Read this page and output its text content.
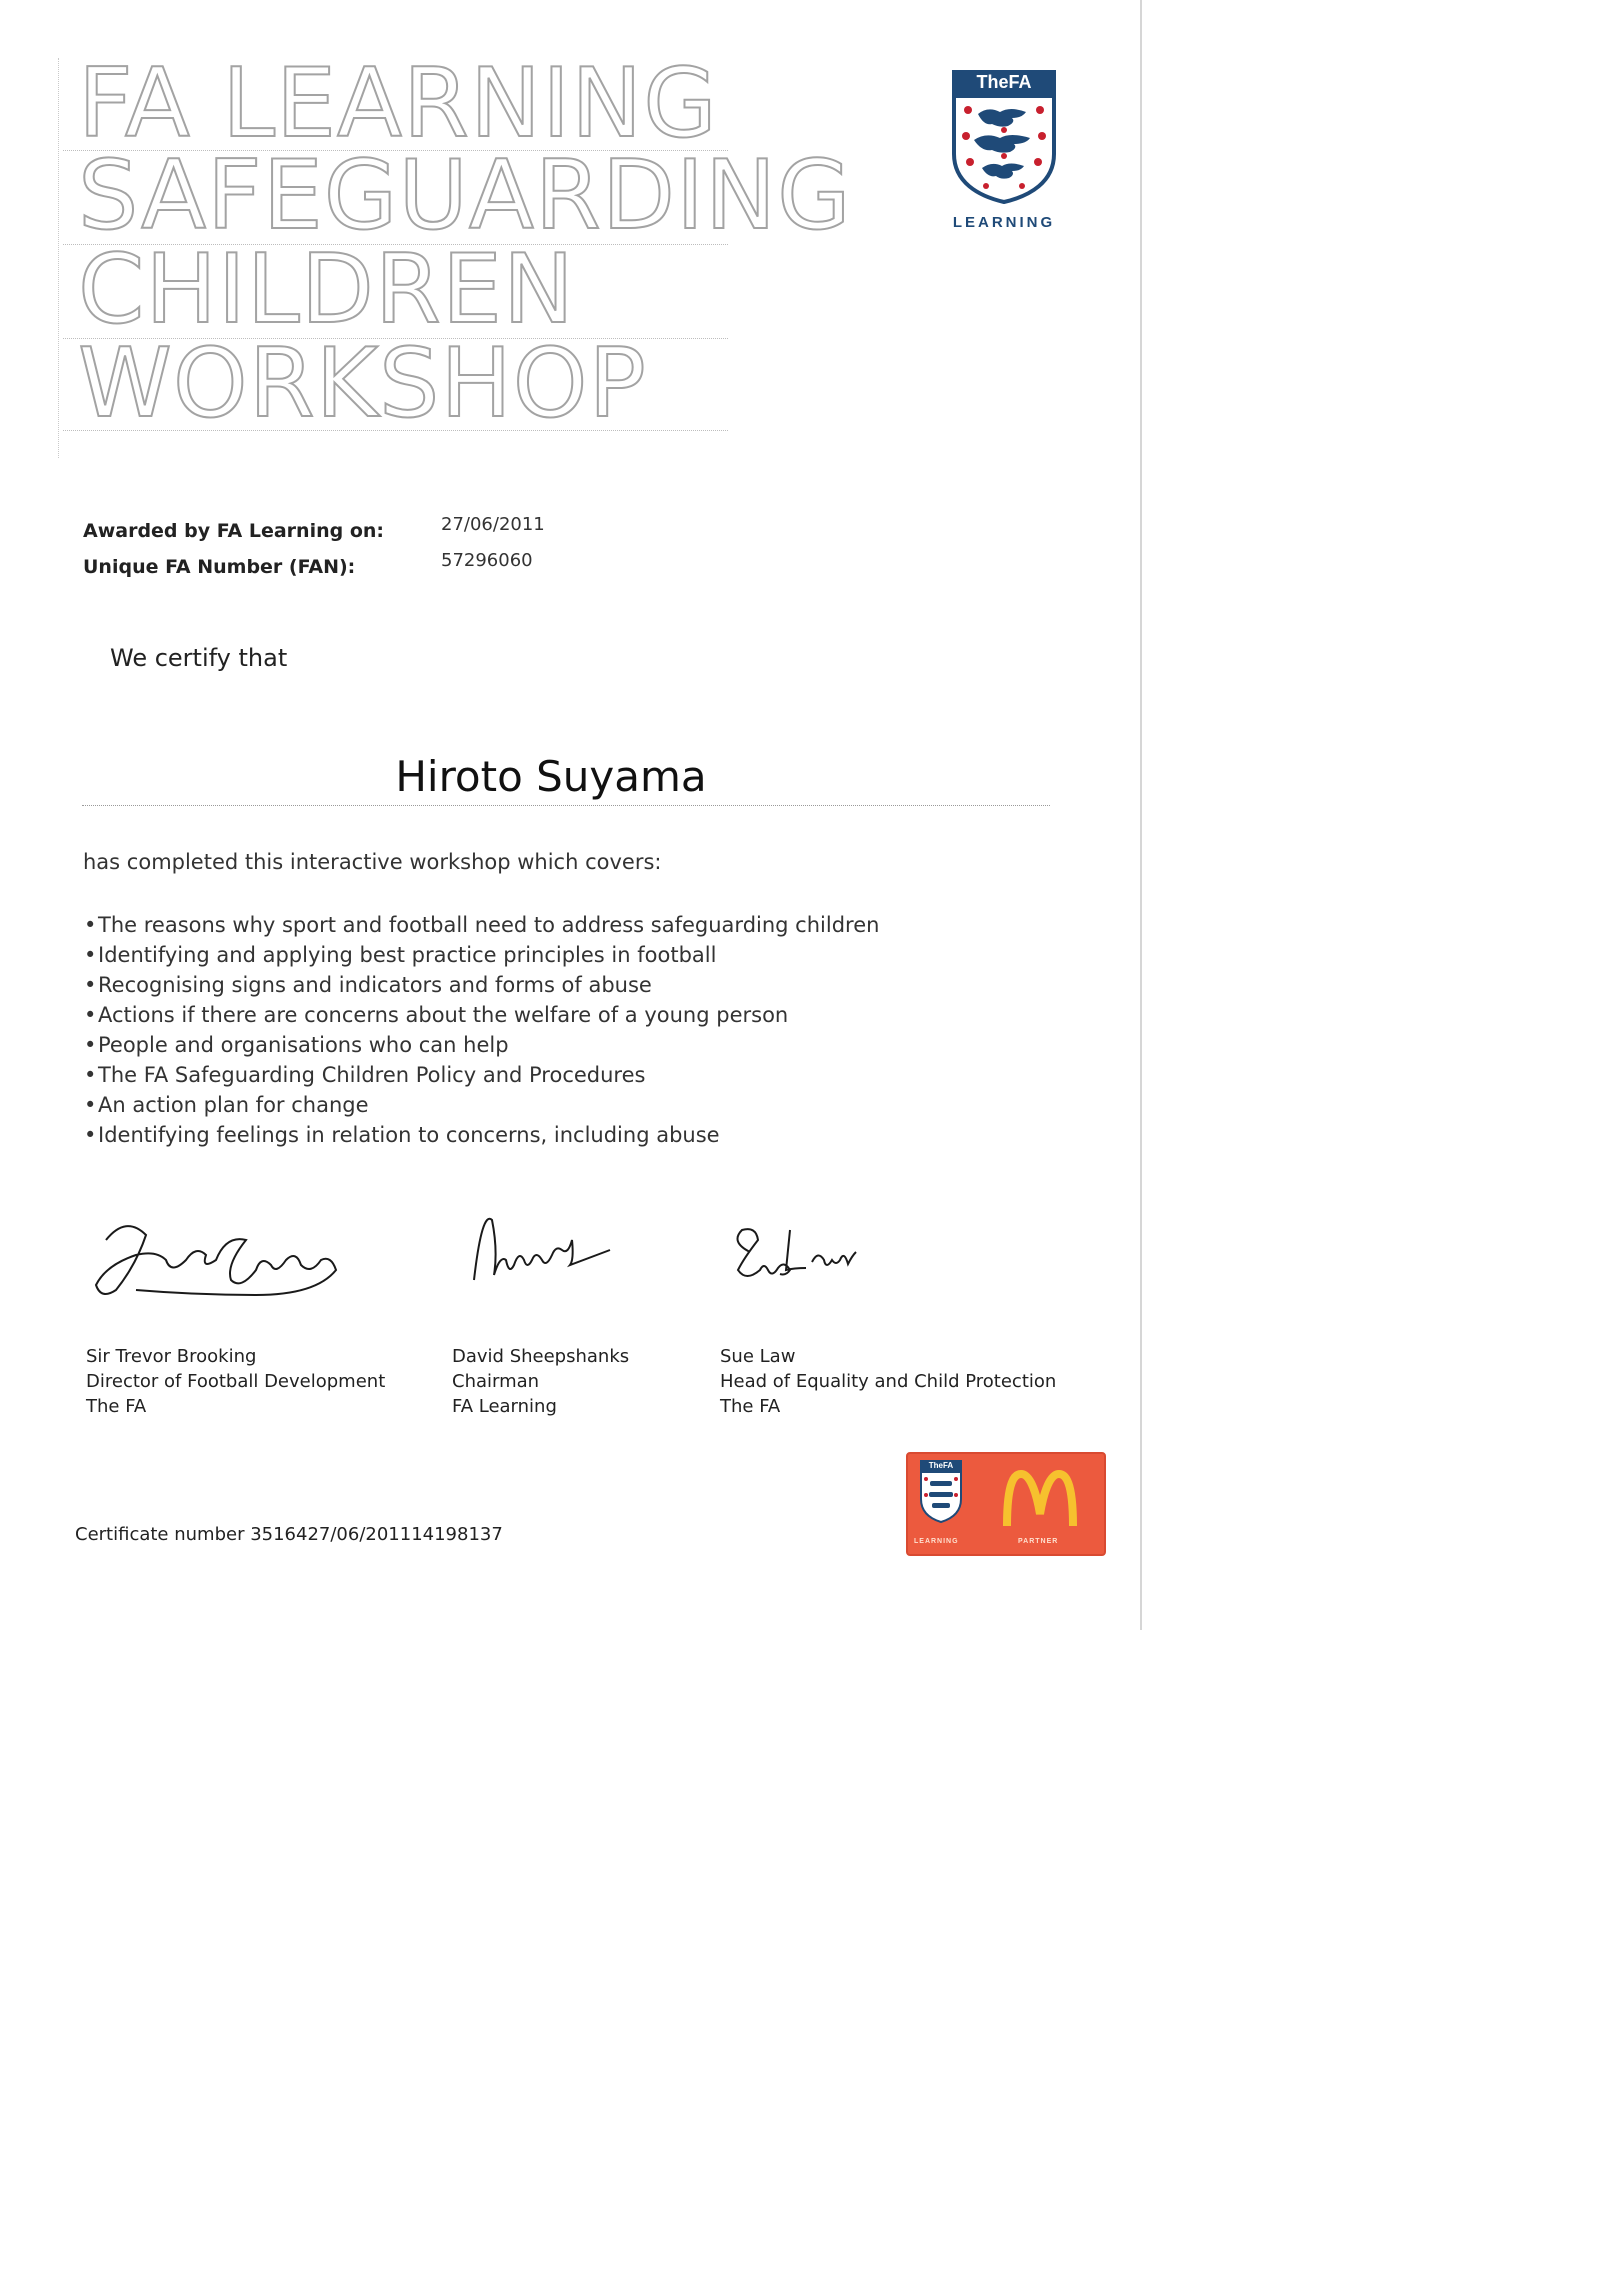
FA LEARNING
SAFEGUARDING
CHILDREN
WORKSHOP
TheFA
LEARNING
Awarded by FA Learning on:	27/06/2011
Unique FA Number (FAN):	57296060
We certify that
Hiroto Suyama
has completed this interactive workshop which covers:
•The reasons why sport and football need to address safeguarding children
•Identifying and applying best practice principles in football
•Recognising signs and indicators and forms of abuse
•Actions if there are concerns about the welfare of a young person
•People and organisations who can help
•The FA Safeguarding Children Policy and Procedures
•An action plan for change
•Identifying feelings in relation to concerns, including abuse
Sir Trevor Brooking
Director of Football Development
The FA
David Sheepshanks
Chairman
FA Learning
Sue Law
Head of Equality and Child Protection
The FA
Certificate number 3516427/06/201114198137
TheFA
LEARNING	PARTNER
